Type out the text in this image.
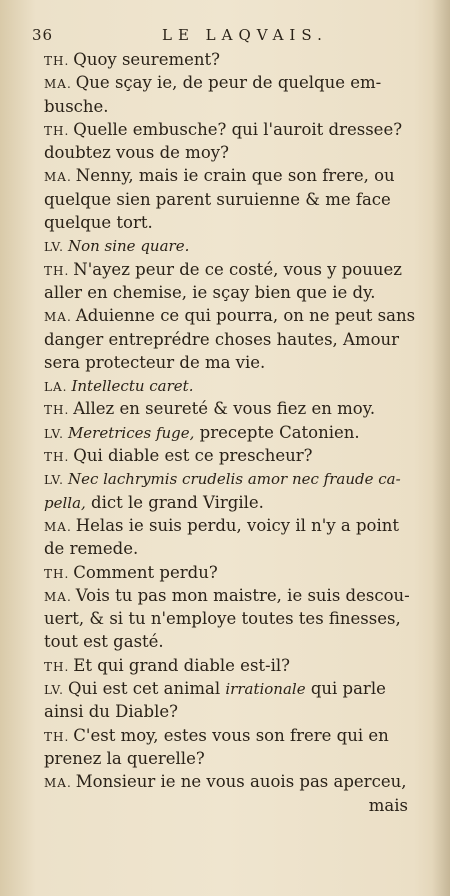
36	LE LAQVAIS.
TH. Quoy seurement?
MA. Que sçay ie, de peur de quelque em-
busche.
TH. Quelle embusche? qui l'auroit dressee?
doubtez vous de moy?
MA. Nenny, mais ie crain que son frere, ou
quelque sien parent suruienne & me face
quelque tort.
LV. Non sine quare.
TH. N'ayez peur de ce costé, vous y pouuez
aller en chemise, ie sçay bien que ie dy.
MA. Aduienne ce qui pourra, on ne peut sans
danger entreprédre choses hautes, Amour
sera protecteur de ma vie.
LA. Intellectu caret.
TH. Allez en seureté & vous fiez en moy.
LV. Meretrices fuge, precepte Catonien.
TH. Qui diable est ce prescheur?
LV. Nec lachrymis crudelis amor nec fraude ca-
pella, dict le grand Virgile.
MA. Helas ie suis perdu, voicy il n'y a point
de remede.
TH. Comment perdu?
MA. Vois tu pas mon maistre, ie suis descou-
uert, & si tu n'employe toutes tes finesses,
tout est gasté.
TH. Et qui grand diable est-il?
LV. Qui est cet animal irrationale qui parle
ainsi du Diable?
TH. C'est moy, estes vous son frere qui en
prenez la querelle?
MA. Monsieur ie ne vous auois pas aperceu,
mais
